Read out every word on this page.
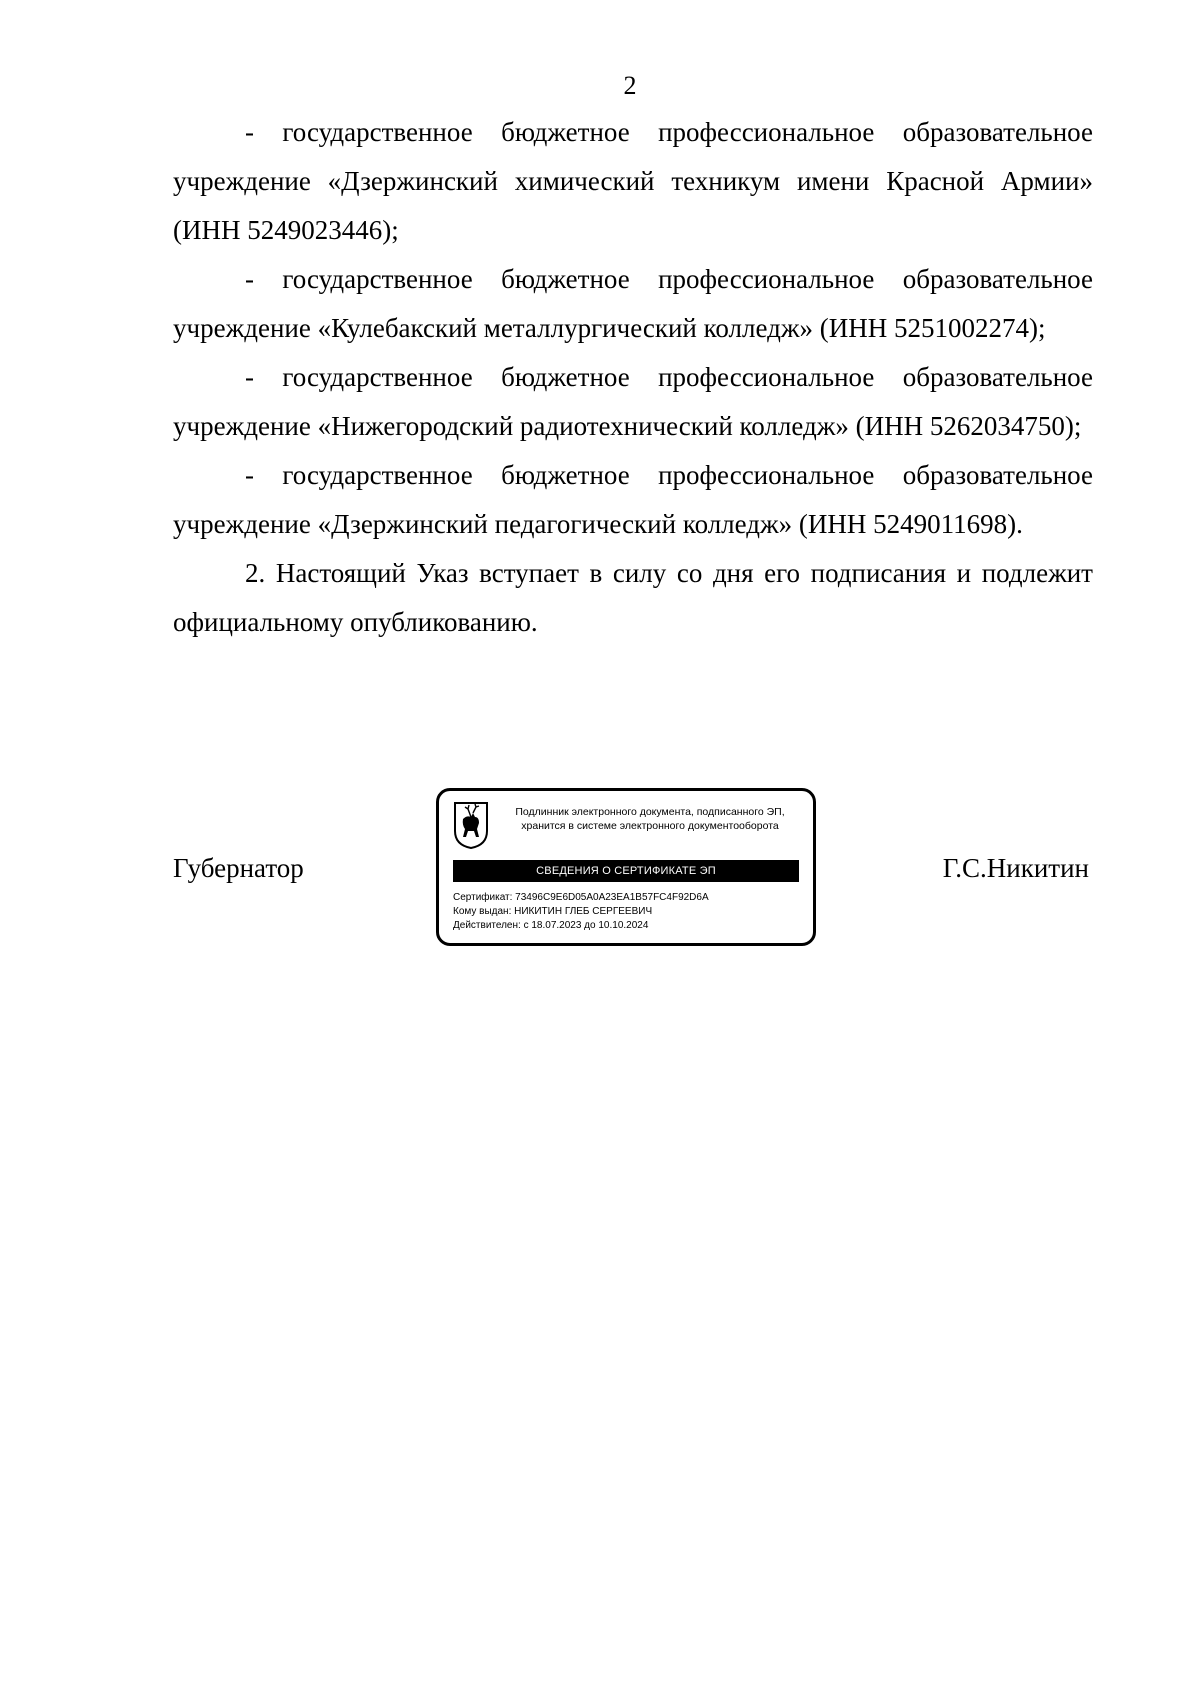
2

- государственное бюджетное профессиональное образовательное учреждение «Дзержинский химический техникум имени Красной Армии» (ИНН 5249023446);

- государственное бюджетное профессиональное образовательное учреждение «Кулебакский металлургический колледж» (ИНН 5251002274);

- государственное бюджетное профессиональное образовательное учреждение «Нижегородский радиотехнический колледж» (ИНН 5262034750);

- государственное бюджетное профессиональное образовательное учреждение «Дзержинский педагогический колледж» (ИНН 5249011698).

2. Настоящий Указ вступает в силу со дня его подписания и подлежит официальному опубликованию.

Губернатор
Подлинник электронного документа, подписанного ЭП,
хранится в системе электронного документооборота
СВЕДЕНИЯ О СЕРТИФИКАТЕ ЭП
Сертификат: 73496C9E6D05A0A23EA1B57FC4F92D6A
Кому выдан: НИКИТИН ГЛЕБ СЕРГЕЕВИЧ
Действителен: с 18.07.2023 до 10.10.2024
Г.С.Никитин
